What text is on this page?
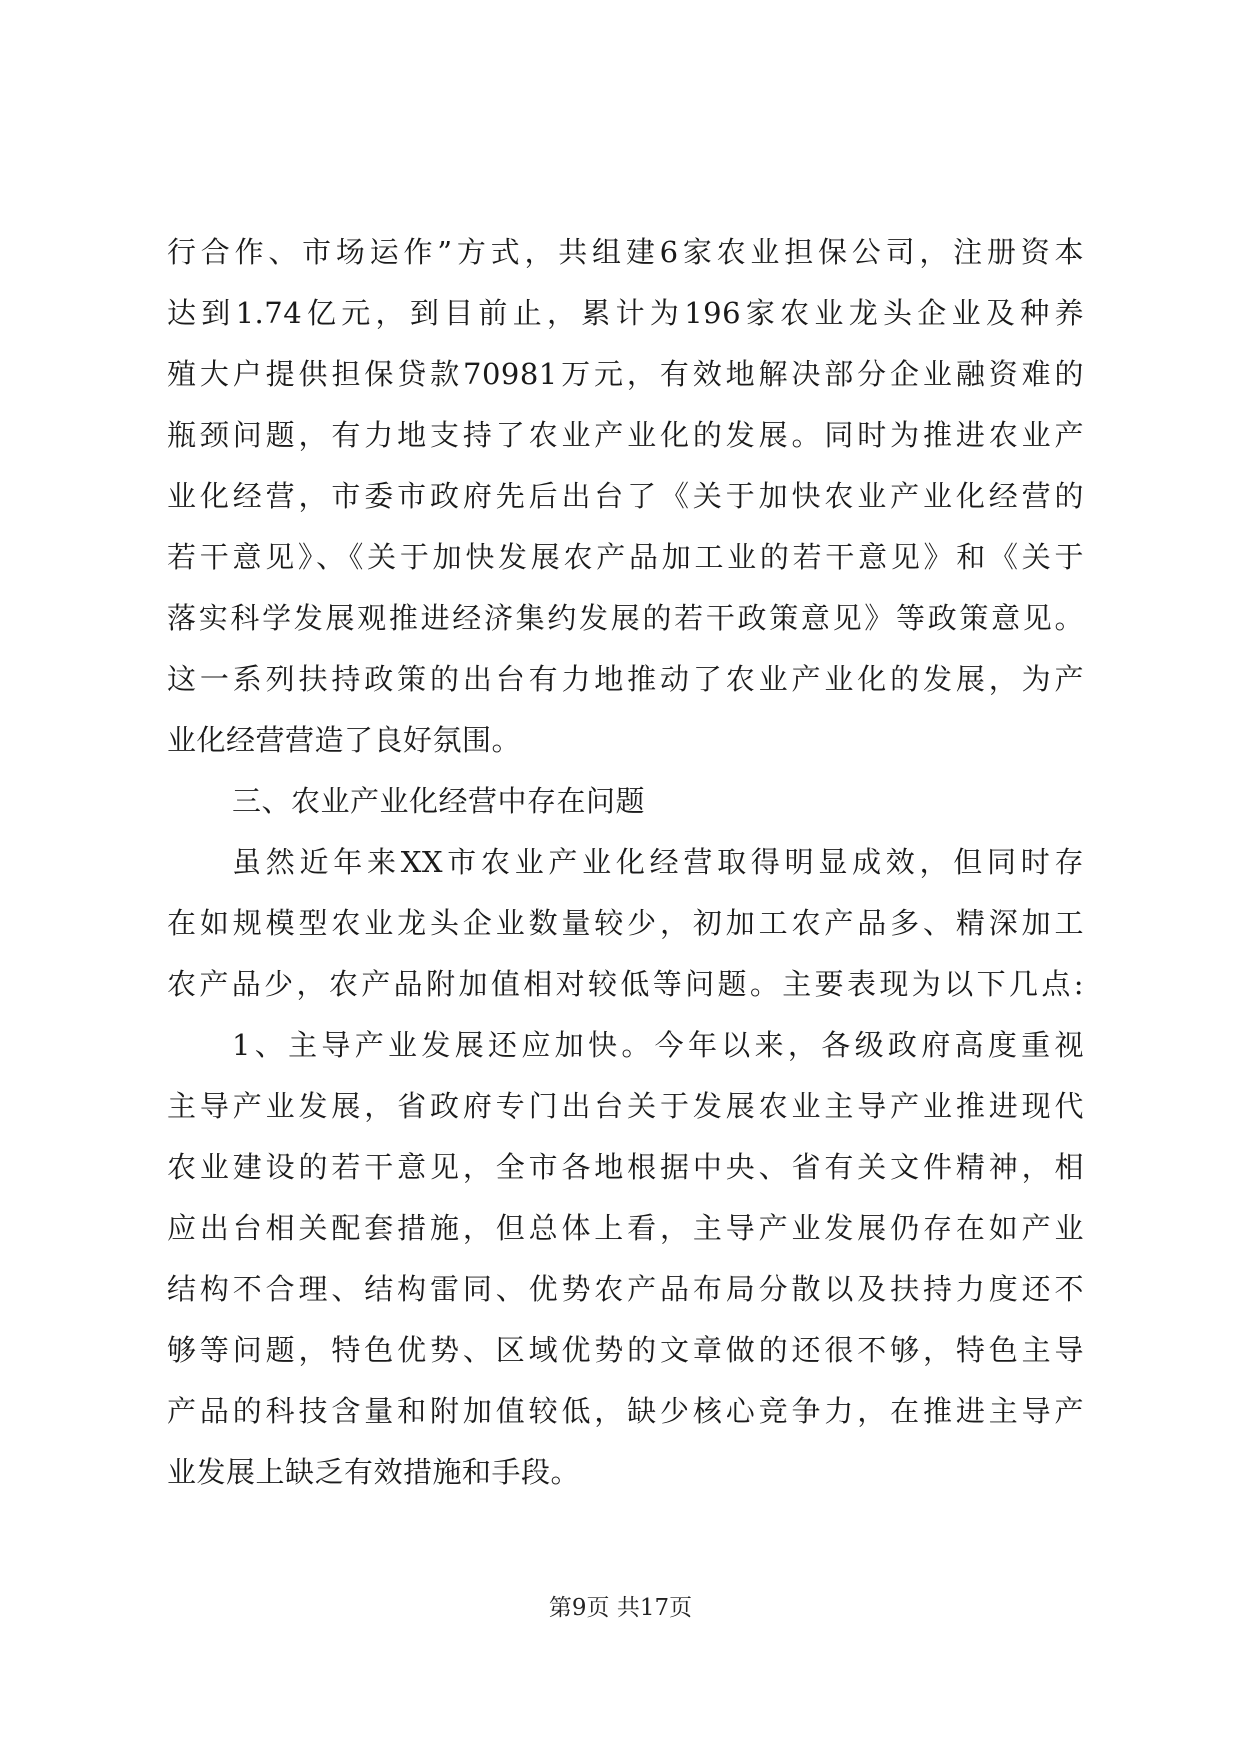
行合作、市场运作”方式，共组建6家农业担保公司，注册资本
达到1.74亿元，到目前止，累计为196家农业龙头企业及种养
殖大户提供担保贷款70981万元，有效地解决部分企业融资难的
瓶颈问题，有力地支持了农业产业化的发展。同时为推进农业产
业化经营，市委市政府先后出台了《关于加快农业产业化经营的
若干意见》、《关于加快发展农产品加工业的若干意见》和《关于
落实科学发展观推进经济集约发展的若干政策意见》等政策意见。
这一系列扶持政策的出台有力地推动了农业产业化的发展，为产
业化经营营造了良好氛围。
三、农业产业化经营中存在问题
虽然近年来XX市农业产业化经营取得明显成效，但同时存
在如规模型农业龙头企业数量较少，初加工农产品多、精深加工
农产品少，农产品附加值相对较低等问题。主要表现为以下几点:
1、主导产业发展还应加快。今年以来，各级政府高度重视
主导产业发展，省政府专门出台关于发展农业主导产业推进现代
农业建设的若干意见，全市各地根据中央、省有关文件精神，相
应出台相关配套措施，但总体上看，主导产业发展仍存在如产业
结构不合理、结构雷同、优势农产品布局分散以及扶持力度还不
够等问题，特色优势、区域优势的文章做的还很不够，特色主导
产品的科技含量和附加值较低，缺少核心竞争力，在推进主导产
业发展上缺乏有效措施和手段。
第9页 共17页
